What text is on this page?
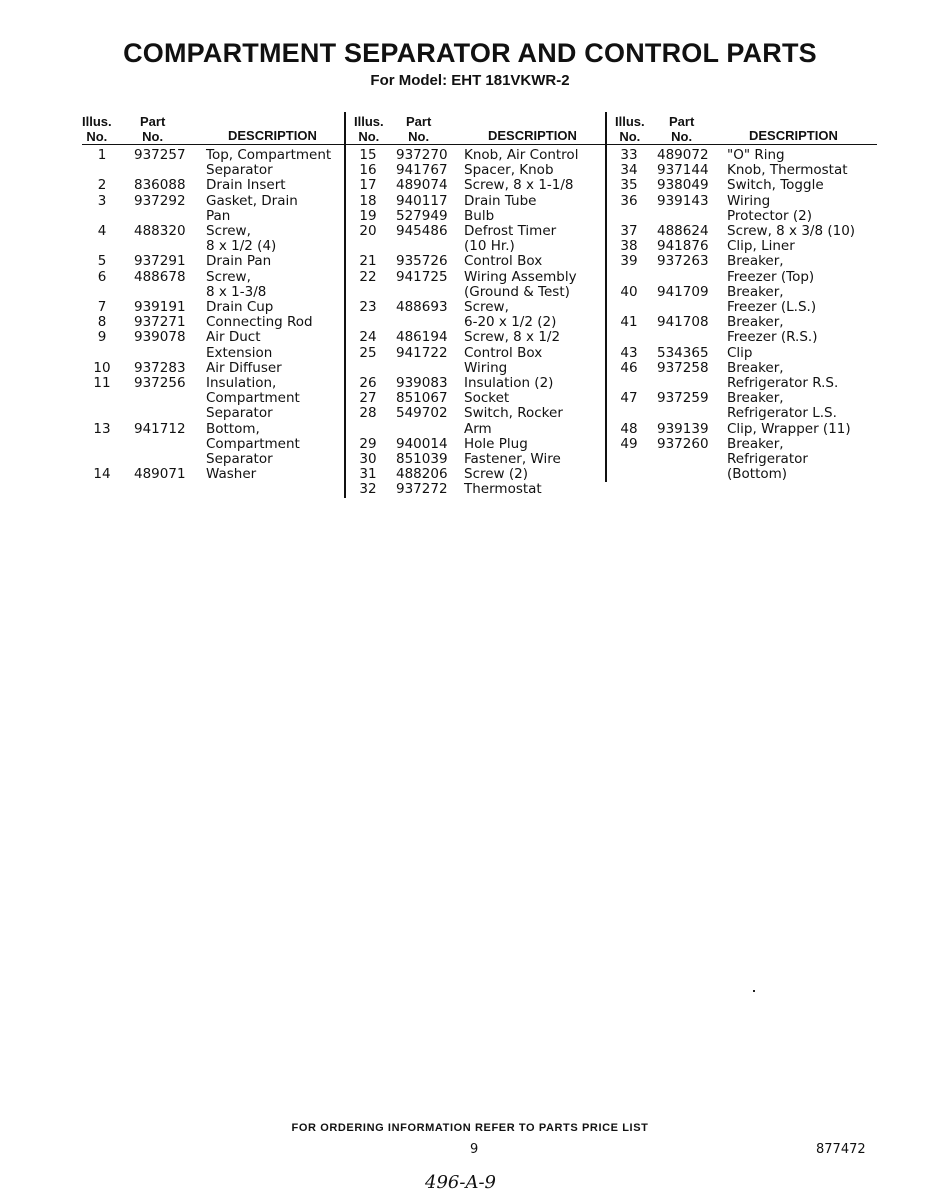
COMPARTMENT SEPARATOR AND CONTROL PARTS
For Model: EHT 181VKWR-2
Illus.
No.
Part
No.	DESCRIPTION
1	937257 Top, Compartment
Separator
2	836088 Drain Insert
3	937292 Gasket, Drain
Pan
4	488320 Screw,
8 x 1/2 (4)
5	937291 Drain Pan
6	488678 Screw,
8 x 1-3/8
7	939191 Drain Cup
8	937271 Connecting Rod
9	939078 Air Duct
Extension
10	937283 Air Diffuser
11	937256 Insulation,
Compartment
Separator
13	941712 Bottom,
Compartment
Separator
14	489071 Washer
Illus.
No.
Part
No.	DESCRIPTION
15	937270 Knob, Air Control
16	941767 Spacer, Knob
17	489074 Screw, 8 x 1-1/8
18	940117 Drain Tube
19	527949 Bulb
20	945486 Defrost Timer
(10 Hr.)
21	935726 Control Box
22	941725 Wiring Assembly
(Ground & Test)
23	488693 Screw,
6-20 x 1/2 (2)
24	486194 Screw, 8 x 1/2
25	941722 Control Box
Wiring
26	939083 Insulation (2)
27	851067 Socket
28	549702 Switch, Rocker
Arm
29	940014 Hole Plug
30	851039 Fastener, Wire
31	488206 Screw (2)
32	937272 Thermostat
Illus.
No.
Part
No.	DESCRIPTION
33	489072 "O" Ring
34	937144 Knob, Thermostat
35	938049 Switch, Toggle
36	939143 Wiring
Protector (2)
37	488624 Screw, 8 x 3/8 (10)
38	941876 Clip, Liner
39	937263 Breaker,
Freezer (Top)
40	941709 Breaker,
Freezer (L.S.)
41	941708 Breaker,
Freezer (R.S.)
43	534365 Clip
46	937258 Breaker,
Refrigerator R.S.
47	937259 Breaker,
Refrigerator L.S.
48	939139 Clip, Wrapper (11)
49	937260 Breaker,
Refrigerator
(Bottom)
FOR ORDERING INFORMATION REFER TO PARTS PRICE LIST
9	877472
496-A-9
